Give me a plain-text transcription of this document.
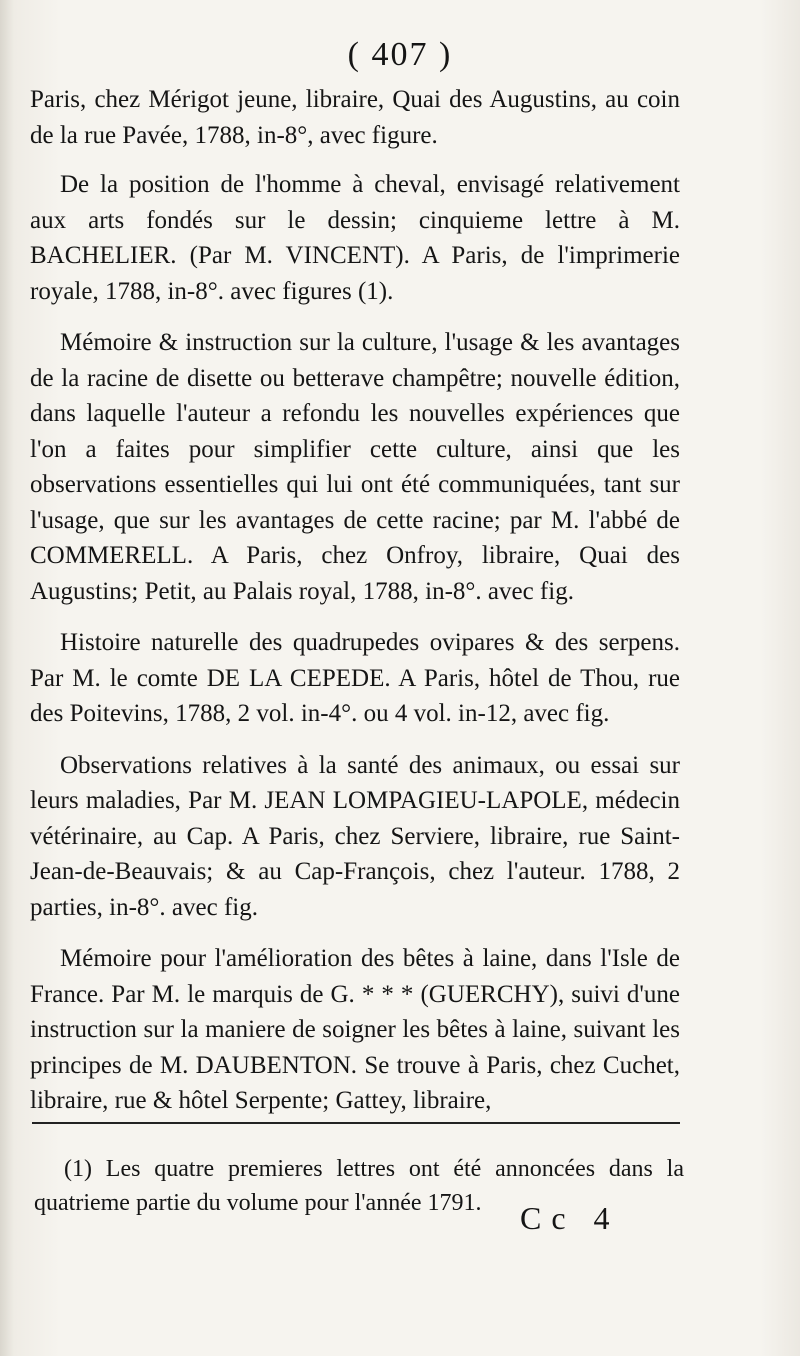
( 407 )

Paris, chez Mérigot jeune, libraire, Quai des Augustins, au coin de la rue Pavée, 1788, in-8°, avec figure.

De la position de l'homme à cheval, envisagé relativement aux arts fondés sur le dessin; cinquieme lettre à M. BACHELIER. (Par M. VINCENT). A Paris, de l'imprimerie royale, 1788, in-8°. avec figures (1).

Mémoire & instruction sur la culture, l'usage & les avantages de la racine de disette ou betterave champêtre; nouvelle édition, dans laquelle l'auteur a refondu les nouvelles expériences que l'on a faites pour simplifier cette culture, ainsi que les observations essentielles qui lui ont été communiquées, tant sur l'usage, que sur les avantages de cette racine; par M. l'abbé de COMMERELL. A Paris, chez Onfroy, libraire, Quai des Augustins; Petit, au Palais royal, 1788, in-8°. avec fig.

Histoire naturelle des quadrupedes ovipares & des serpens. Par M. le comte DE LA CEPEDE. A Paris, hôtel de Thou, rue des Poitevins, 1788, 2 vol. in-4°. ou 4 vol. in-12, avec fig.

Observations relatives à la santé des animaux, ou essai sur leurs maladies, Par M. JEAN LOMPAGIEU-LAPOLE, médecin vétérinaire, au Cap. A Paris, chez Serviere, libraire, rue Saint-Jean-de-Beauvais; & au Cap-François, chez l'auteur. 1788, 2 parties, in-8°. avec fig.

Mémoire pour l'amélioration des bêtes à laine, dans l'Isle de France. Par M. le marquis de G. * * * (GUERCHY), suivi d'une instruction sur la maniere de soigner les bêtes à laine, suivant les principes de M. DAUBENTON. Se trouve à Paris, chez Cuchet, libraire, rue & hôtel Serpente; Gattey, libraire,

(1) Les quatre premieres lettres ont été annoncées dans la quatrieme partie du volume pour l'année 1791.	Cc 4
